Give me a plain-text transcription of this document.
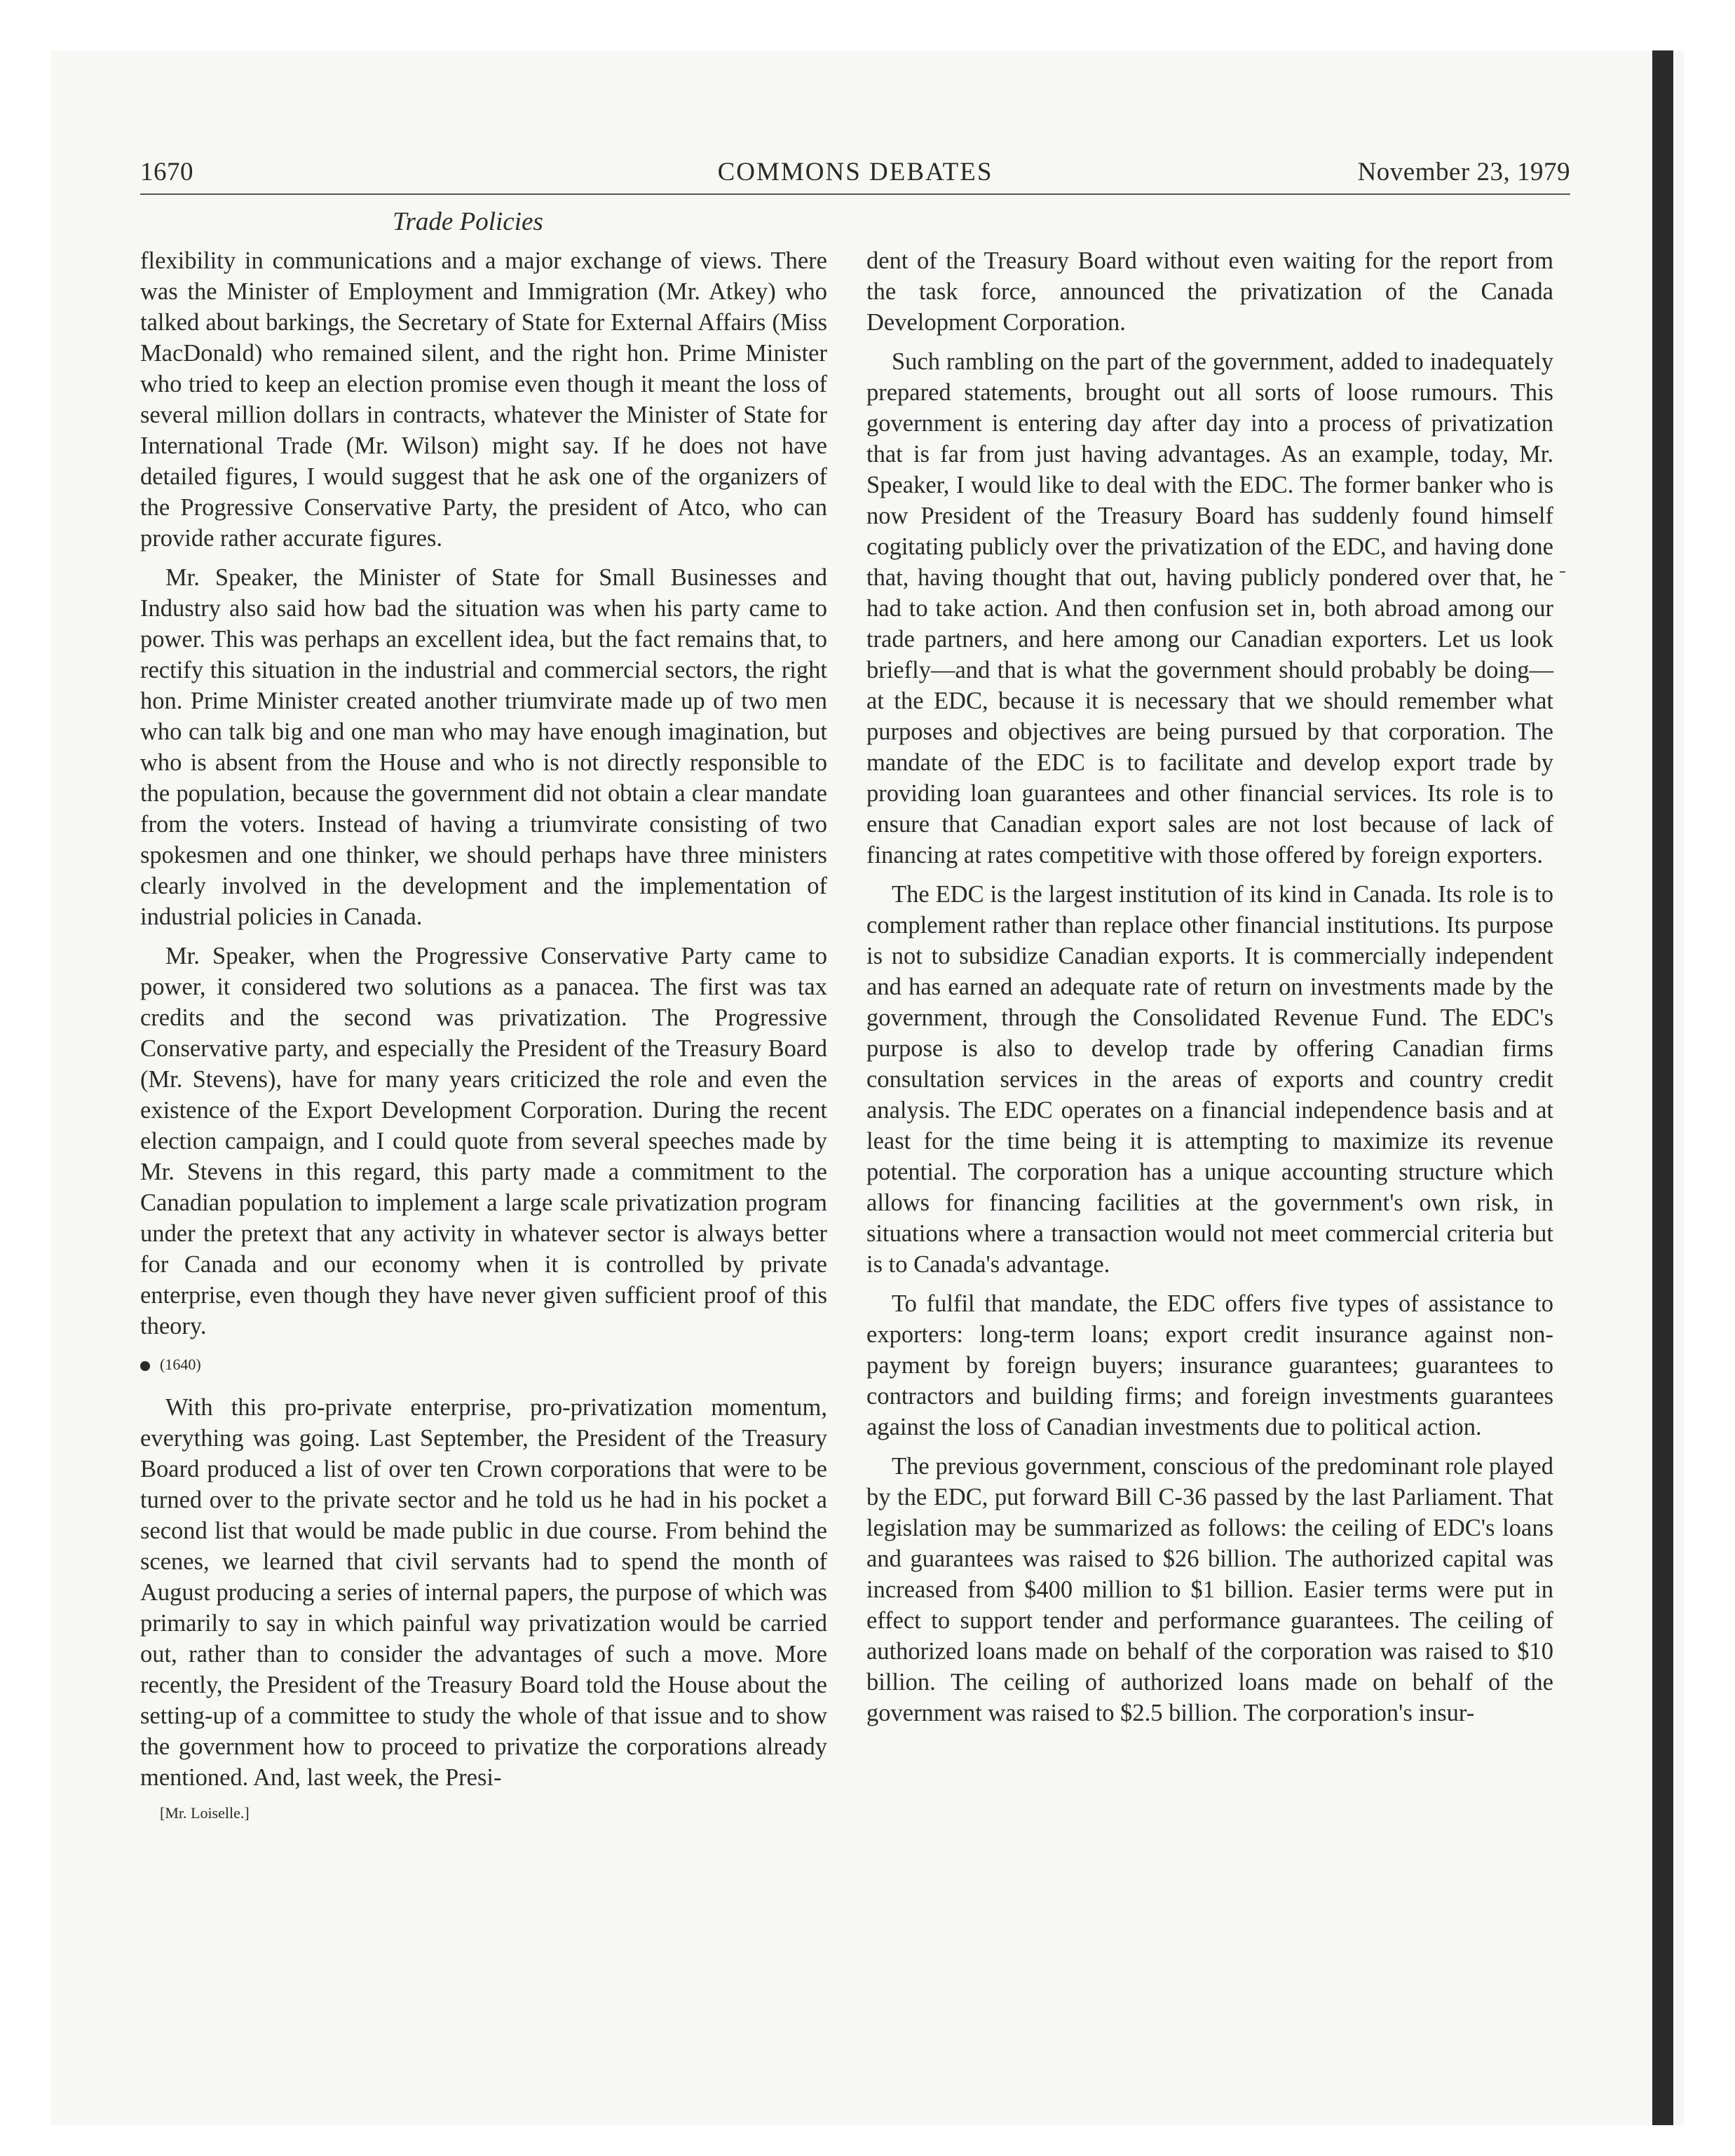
1670	COMMONS DEBATES	November 23, 1979
Trade Policies

flexibility in communications and a major exchange of views. There was the Minister of Employment and Immigration (Mr. Atkey) who talked about barkings, the Secretary of State for External Affairs (Miss MacDonald) who remained silent, and the right hon. Prime Minister who tried to keep an election promise even though it meant the loss of several million dollars in contracts, whatever the Minister of State for International Trade (Mr. Wilson) might say. If he does not have detailed figures, I would suggest that he ask one of the organizers of the Progressive Conservative Party, the president of Atco, who can provide rather accurate figures.

Mr. Speaker, the Minister of State for Small Businesses and Industry also said how bad the situation was when his party came to power. This was perhaps an excellent idea, but the fact remains that, to rectify this situation in the industrial and commercial sectors, the right hon. Prime Minister created another triumvirate made up of two men who can talk big and one man who may have enough imagination, but who is absent from the House and who is not directly responsible to the population, because the government did not obtain a clear mandate from the voters. Instead of having a triumvirate consisting of two spokesmen and one thinker, we should perhaps have three ministers clearly involved in the development and the implementation of industrial policies in Canada.

Mr. Speaker, when the Progressive Conservative Party came to power, it considered two solutions as a panacea. The first was tax credits and the second was privatization. The Progressive Conservative party, and especially the President of the Treasury Board (Mr. Stevens), have for many years criticized the role and even the existence of the Export Development Corporation. During the recent election campaign, and I could quote from several speeches made by Mr. Stevens in this regard, this party made a commitment to the Canadian population to implement a large scale privatization program under the pretext that any activity in whatever sector is always better for Canada and our economy when it is controlled by private enterprise, even though they have never given sufficient proof of this theory.

(1640)

With this pro-private enterprise, pro-privatization momentum, everything was going. Last September, the President of the Treasury Board produced a list of over ten Crown corporations that were to be turned over to the private sector and he told us he had in his pocket a second list that would be made public in due course. From behind the scenes, we learned that civil servants had to spend the month of August producing a series of internal papers, the purpose of which was primarily to say in which painful way privatization would be carried out, rather than to consider the advantages of such a move. More recently, the President of the Treasury Board told the House about the setting-up of a committee to study the whole of that issue and to show the government how to proceed to privatize the corporations already mentioned. And, last week, the Presi-

[Mr. Loiselle.]

dent of the Treasury Board without even waiting for the report from the task force, announced the privatization of the Canada Development Corporation.

Such rambling on the part of the government, added to inadequately prepared statements, brought out all sorts of loose rumours. This government is entering day after day into a process of privatization that is far from just having advantages. As an example, today, Mr. Speaker, I would like to deal with the EDC. The former banker who is now President of the Treasury Board has suddenly found himself cogitating publicly over the privatization of the EDC, and having done that, having thought that out, having publicly pondered over that, he had to take action. And then confusion set in, both abroad among our trade partners, and here among our Canadian exporters. Let us look briefly—and that is what the government should probably be doing—at the EDC, because it is necessary that we should remember what purposes and objectives are being pursued by that corporation. The mandate of the EDC is to facilitate and develop export trade by providing loan guarantees and other financial services. Its role is to ensure that Canadian export sales are not lost because of lack of financing at rates competitive with those offered by foreign exporters.

The EDC is the largest institution of its kind in Canada. Its role is to complement rather than replace other financial institutions. Its purpose is not to subsidize Canadian exports. It is commercially independent and has earned an adequate rate of return on investments made by the government, through the Consolidated Revenue Fund. The EDC's purpose is also to develop trade by offering Canadian firms consultation services in the areas of exports and country credit analysis. The EDC operates on a financial independence basis and at least for the time being it is attempting to maximize its revenue potential. The corporation has a unique accounting structure which allows for financing facilities at the government's own risk, in situations where a transaction would not meet commercial criteria but is to Canada's advantage.

To fulfil that mandate, the EDC offers five types of assistance to exporters: long-term loans; export credit insurance against non-payment by foreign buyers; insurance guarantees; guarantees to contractors and building firms; and foreign investments guarantees against the loss of Canadian investments due to political action.

The previous government, conscious of the predominant role played by the EDC, put forward Bill C-36 passed by the last Parliament. That legislation may be summarized as follows: the ceiling of EDC's loans and guarantees was raised to $26 billion. The authorized capital was increased from $400 million to $1 billion. Easier terms were put in effect to support tender and performance guarantees. The ceiling of authorized loans made on behalf of the corporation was raised to $10 billion. The ceiling of authorized loans made on behalf of the government was raised to $2.5 billion. The corporation's insur-
